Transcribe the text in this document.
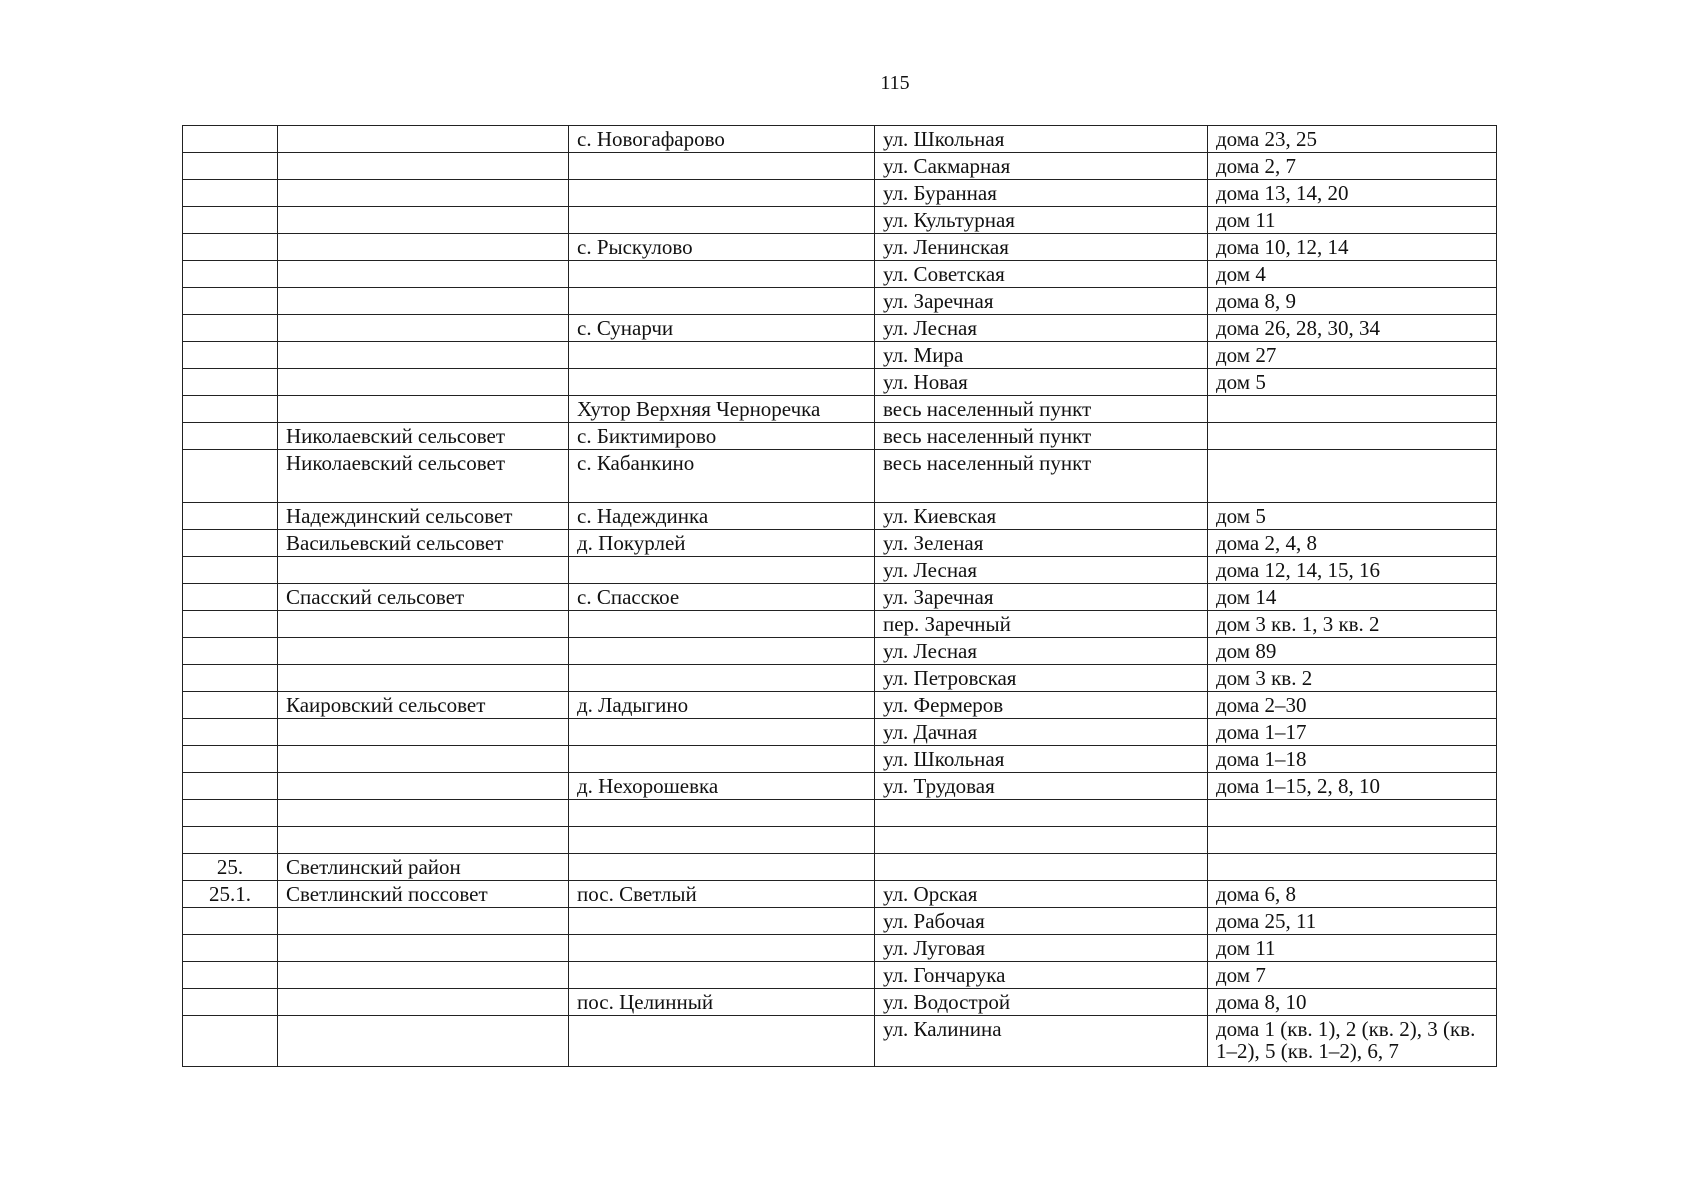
115
		с. Новогафарово	ул. Школьная	дома 23, 25
			ул. Сакмарная	дома 2, 7
			ул. Буранная	дома 13, 14, 20
			ул. Культурная	дом 11
		с. Рыскулово	ул. Ленинская	дома 10, 12, 14
			ул. Советская	дом 4
			ул. Заречная	дома 8, 9
		с. Сунарчи	ул. Лесная	дома 26, 28, 30, 34
			ул. Мира	дом 27
			ул. Новая	дом 5
		Хутор Верхняя Черноречка	весь населенный пункт	
	Николаевский сельсовет	с. Биктимирово	весь населенный пункт	
	Николаевский сельсовет	с. Кабанкино	весь населенный пункт	
	Надеждинский сельсовет	с. Надеждинка	ул. Киевская	дом 5
	Васильевский сельсовет	д. Покурлей	ул. Зеленая	дома 2, 4, 8
			ул. Лесная	дома 12, 14, 15, 16
	Спасский сельсовет	с. Спасское	ул. Заречная	дом 14
			пер. Заречный	дом 3 кв. 1, 3 кв. 2
			ул. Лесная	дом 89
			ул. Петровская	дом 3 кв. 2
	Каировский сельсовет	д. Ладыгино	ул. Фермеров	дома 2–30
			ул. Дачная	дома 1–17
			ул. Школьная	дома 1–18
		д. Нехорошевка	ул. Трудовая	дома 1–15, 2, 8, 10

25.	Светлинский район			
25.1.	Светлинский поссовет	пос. Светлый	ул. Орская	дома 6, 8
			ул. Рабочая	дома 25, 11
			ул. Луговая	дом 11
			ул. Гончарука	дом 7
		пос. Целинный	ул. Водострой	дома 8, 10
			ул. Калинина	дома 1 (кв. 1), 2 (кв. 2), 3 (кв. 1–2), 5 (кв. 1–2), 6, 7
